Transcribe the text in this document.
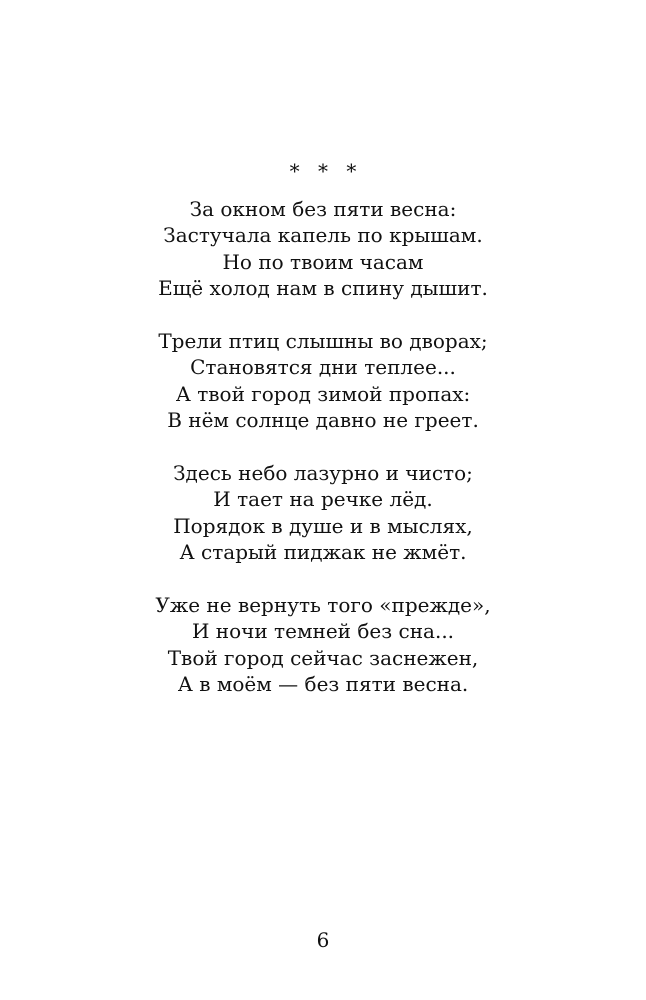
* * *
За окном без пяти весна:
Застучала капель по крышам.
Но по твоим часам
Ещё холод нам в спину дышит.
Трели птиц слышны во дворах;
Становятся дни теплее...
А твой город зимой пропах:
В нём солнце давно не греет.
Здесь небо лазурно и чисто;
И тает на речке лёд.
Порядок в душе и в мыслях,
А старый пиджак не жмёт.
Уже не вернуть того «прежде»,
И ночи темней без сна...
Твой город сейчас заснежен,
А в моём — без пяти весна.
6
